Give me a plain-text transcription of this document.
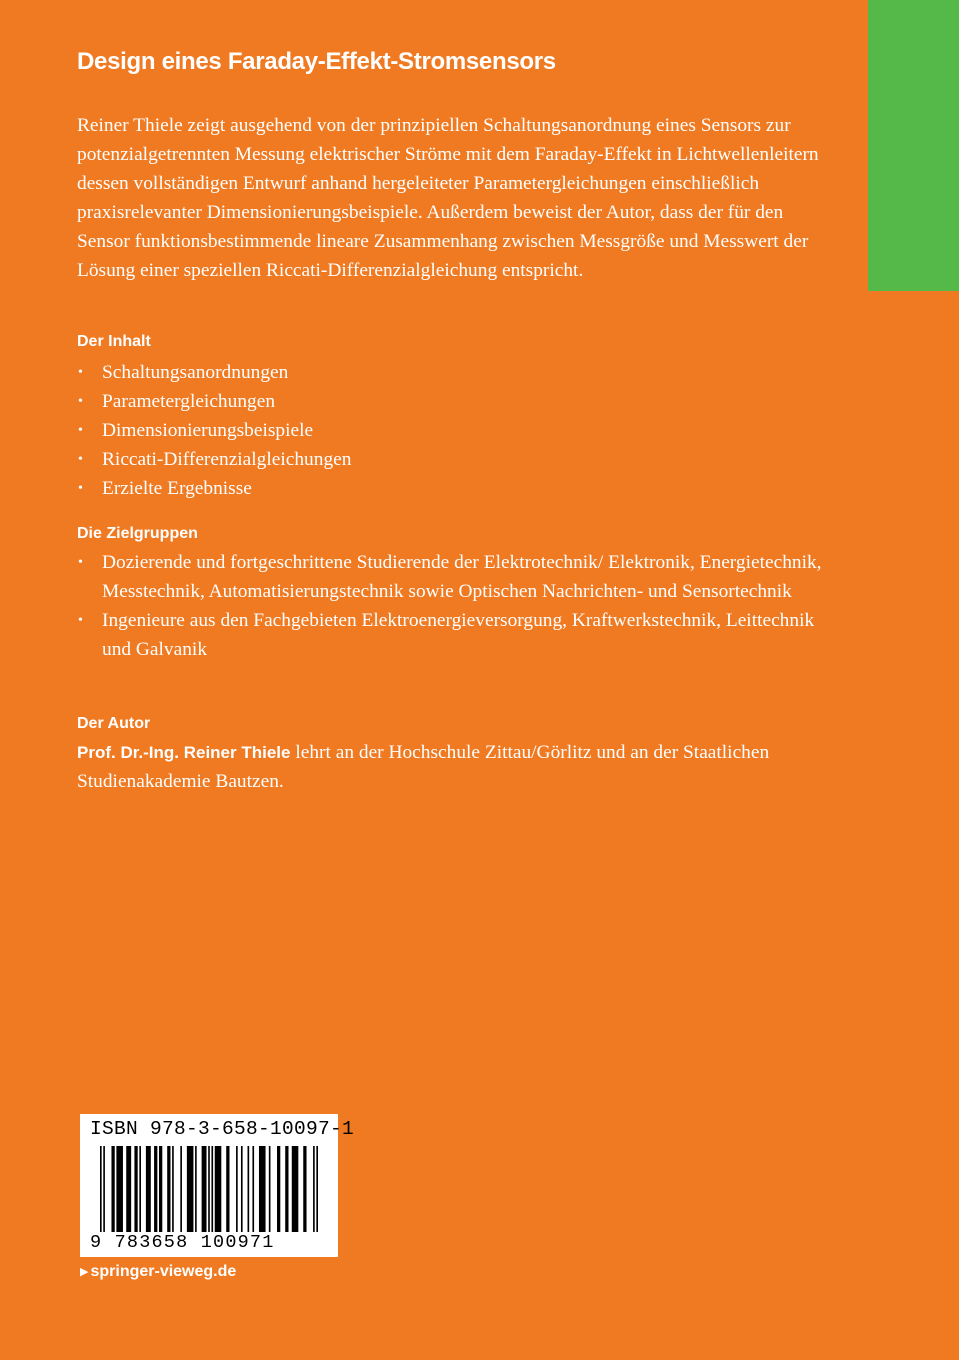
Design eines Faraday-Effekt-Stromsensors

Reiner Thiele zeigt ausgehend von der prinzipiellen Schaltungsanordnung eines Sensors zur potenzialgetrennten Messung elektrischer Ströme mit dem Faraday-Effekt in Lichtwellenleitern dessen vollständigen Entwurf anhand hergeleiteter Parametergleichungen einschließlich praxisrelevanter Dimensionierungsbeispiele. Außerdem beweist der Autor, dass der für den Sensor funktionsbestimmende lineare Zusammenhang zwischen Messgröße und Messwert der Lösung einer speziellen Riccati-Differenzialgleichung entspricht.

Der Inhalt
• Schaltungsanordnungen
• Parametergleichungen
• Dimensionierungsbeispiele
• Riccati-Differenzialgleichungen
• Erzielte Ergebnisse
Die Zielgruppen
• Dozierende und fortgeschrittene Studierende der Elektrotechnik/ Elektronik, Energietechnik, Messtechnik, Automatisierungstechnik sowie Optischen Nachrichten- und Sensortechnik
• Ingenieure aus den Fachgebieten Elektroenergieversorgung, Kraftwerkstechnik, Leittechnik und Galvanik
Der Autor

Prof. Dr.-Ing. Reiner Thiele lehrt an der Hochschule Zittau/Görlitz und an der Staatlichen Studienakademie Bautzen.

ISBN 978-3-658-10097-1
9 783658 100971
▶ springer-vieweg.de
